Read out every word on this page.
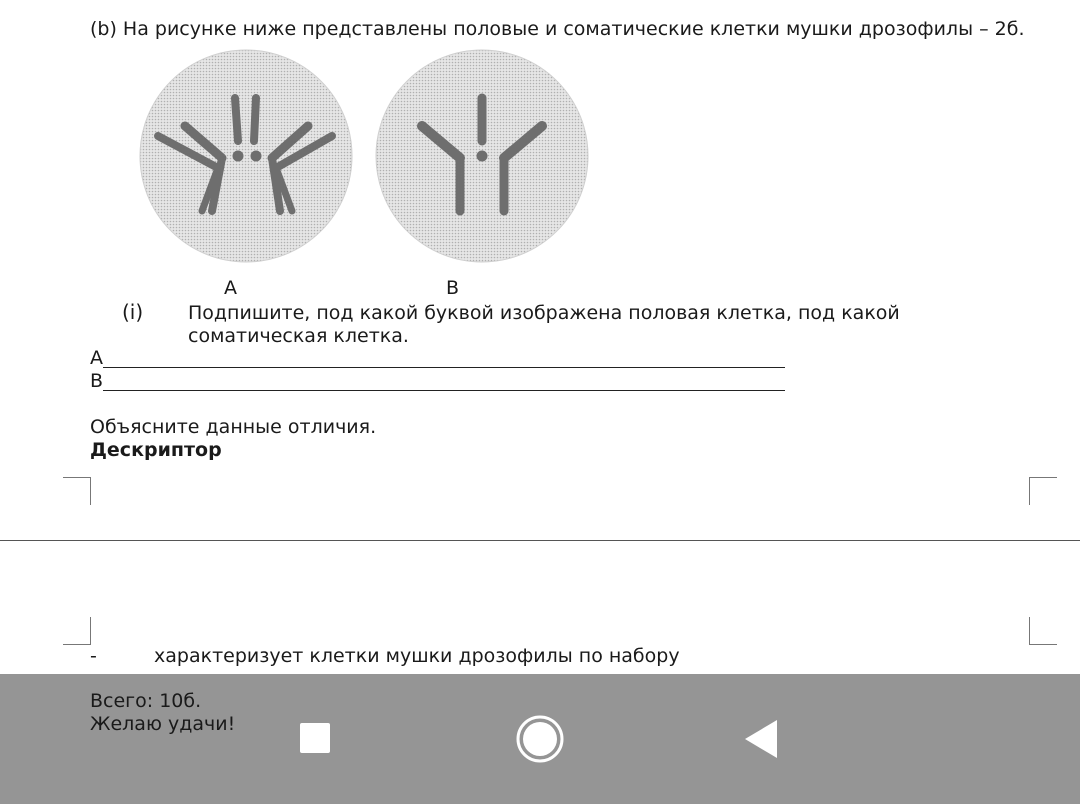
(b) На рисунке ниже представлены половые и соматические клетки мушки дрозофилы – 2б.
A	B
(i) Подпишите, под какой буквой изображена половая клетка, под какой соматическая клетка.
A
B
Объясните данные отличия.
Дескриптор
-	характеризует клетки мушки дрозофилы по набору
Всего: 10б.
Желаю удачи!
